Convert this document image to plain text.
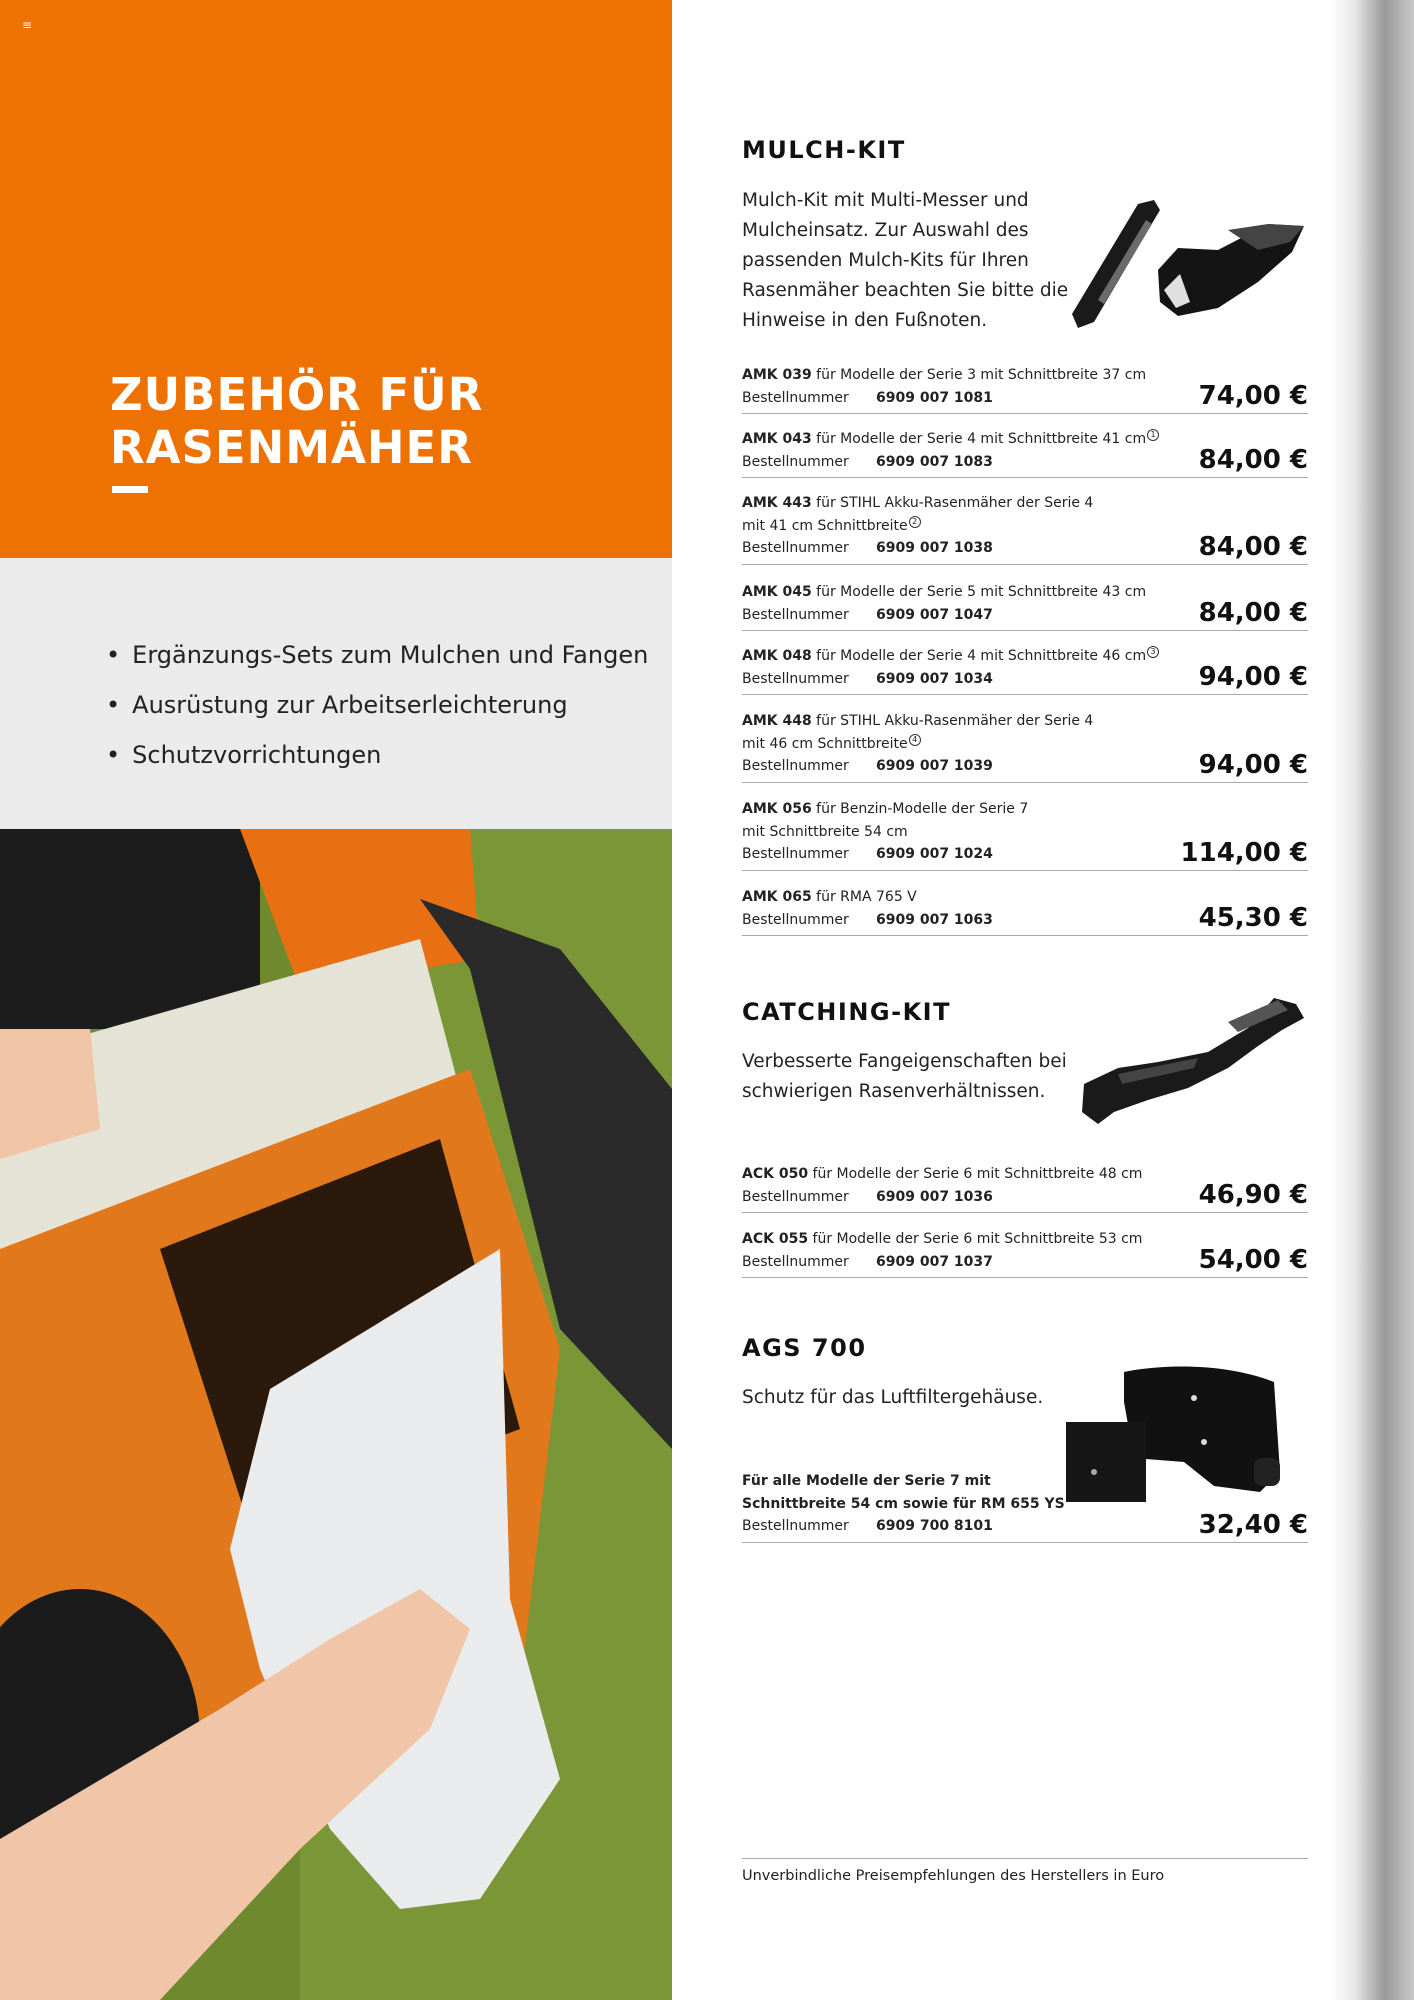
≡
ZUBEHÖR FÜR
RASENMÄHER
• Ergänzungs-Sets zum Mulchen und Fangen
• Ausrüstung zur Arbeitserleichterung
• Schutzvorrichtungen
MULCH-KIT
Mulch-Kit mit Multi-Messer und
Mulcheinsatz. Zur Auswahl des
passenden Mulch-Kits für Ihren
Rasenmäher beachten Sie bitte die
Hinweise in den Fußnoten.
AMK 039 für Modelle der Serie 3 mit Schnittbreite 37 cm
Bestellnummer 6909 007 1081	74,00 €
AMK 043 für Modelle der Serie 4 mit Schnittbreite 41 cm 1
Bestellnummer 6909 007 1083	84,00 €
AMK 443 für STIHL Akku-Rasenmäher der Serie 4
mit 41 cm Schnittbreite 2
Bestellnummer 6909 007 1038	84,00 €
AMK 045 für Modelle der Serie 5 mit Schnittbreite 43 cm
Bestellnummer 6909 007 1047	84,00 €
AMK 048 für Modelle der Serie 4 mit Schnittbreite 46 cm 3
Bestellnummer 6909 007 1034	94,00 €
AMK 448 für STIHL Akku-Rasenmäher der Serie 4
mit 46 cm Schnittbreite 4
Bestellnummer 6909 007 1039	94,00 €
AMK 056 für Benzin-Modelle der Serie 7
mit Schnittbreite 54 cm
Bestellnummer 6909 007 1024	114,00 €
AMK 065 für RMA 765 V
Bestellnummer 6909 007 1063	45,30 €
CATCHING-KIT
Verbesserte Fangeigenschaften bei
schwierigen Rasenverhältnissen.
ACK 050 für Modelle der Serie 6 mit Schnittbreite 48 cm
Bestellnummer 6909 007 1036	46,90 €
ACK 055 für Modelle der Serie 6 mit Schnittbreite 53 cm
Bestellnummer 6909 007 1037	54,00 €
AGS 700
Schutz für das Luftfiltergehäuse.
Für alle Modelle der Serie 7 mit
Schnittbreite 54 cm sowie für RM 655 YS
Bestellnummer 6909 700 8101	32,40 €
Unverbindliche Preisempfehlungen des Herstellers in Euro
